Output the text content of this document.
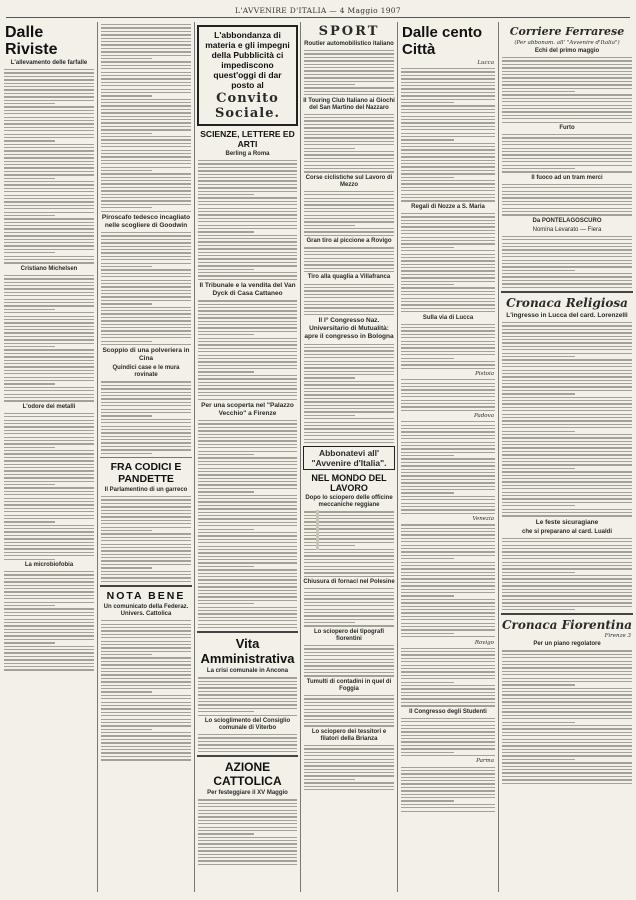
L'AVVENIRE D'ITALIA — 4 Maggio 1907
Dalle Riviste
L'allevamento delle farfalle
Cristiano Michelsen
L'odore dei metalli
La microbiofobia
Piroscafo tedesco incagliato nelle scogliere di Goodwin
Scoppio di una polveriera in Cina
Quindici case e le mura rovinate
FRA CODICI E PANDETTE
Il Parlamentino di un garreco
NOTA BENE
Un comunicato della Federaz. Univers. Cattolica
L'abbondanza di materia e gli impegni della Pubblicità ci impediscono quest'oggi di dar posto al
Convito Sociale.
SCIENZE, LETTERE ED ARTI
Berling a Roma
Il Tribunale e la vendita del Van Dyck di Casa Cattaneo
Per una scoperta nel "Palazzo Vecchio" a Firenze
Vita Amministrativa
La crisi comunale in Ancona
Lo scioglimento del Consiglio comunale di Viterbo
AZIONE CATTOLICA
Per festeggiare il XV Maggio
SPORT
Routier automobilistico italiano
Il Touring Club Italiano ai Giochi del San Martino del Nazzaro
Corse ciclistiche sul Lavoro di Mezzo
Gran tiro al piccione a Rovigo
Tiro alla quaglia a Villafranca
Il I° Congresso Naz. Universitario di Mutualità: apre il congresso in Bologna
Abbonatevi all' "Avvenire d'Italia".
NEL MONDO DEL LAVORO
Dopo lo sciopero delle officine meccaniche reggiane
Chiusura di fornaci nel Polesine
Lo sciopero dei tipografi fiorentini
Tumulti di contadini in quel di Foggia
Lo sciopero dei tessitori e filatori della Brianza
Dalle cento Città
Lucca
Regali di Nozze a S. Maria
Sulla via di Lucca
Pistoia
Padova
Venezia
Rovigo
Il Congresso degli Studenti
Parma
Corriere Ferrarese
(Per abbonam. all' "Avvenire d'Italia")
Echi del primo maggio
Furto
Il fuoco ad un tram merci
Da PONTELAGOSCURO
Nomina Levarato — Fiera
Cronaca Religiosa
L'ingresso in Lucca del card. Lorenzelli
Le feste sicuragiane
che si preparano al card. Lualdi
Cronaca Fiorentina
Firenze 3
Per un piano regolatore
